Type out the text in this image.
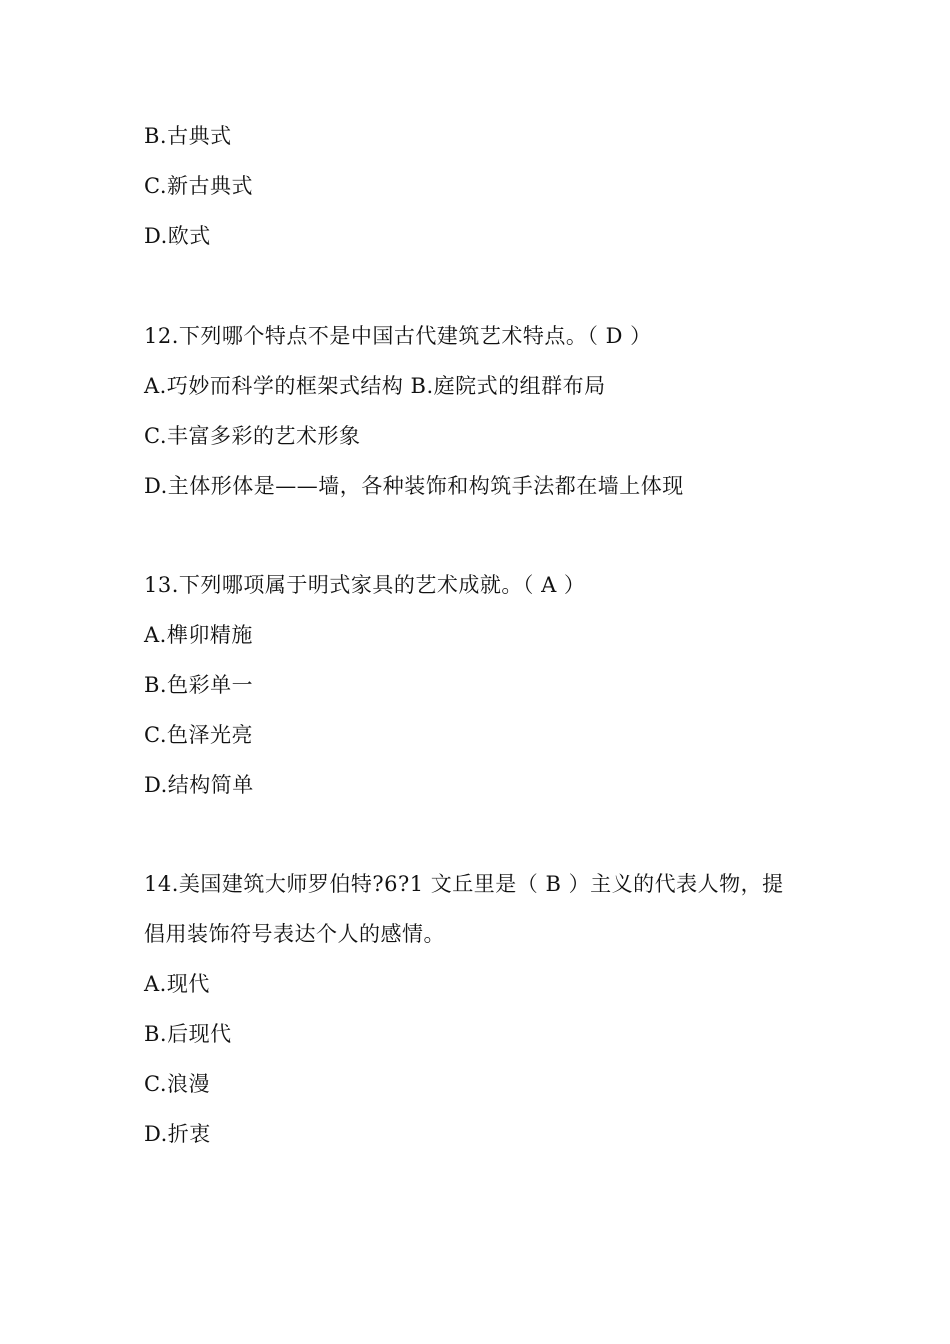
B.古典式
C.新古典式
D.欧式
12.下列哪个特点不是中国古代建筑艺术特点。（ D ）
A.巧妙而科学的框架式结构 B.庭院式的组群布局
C.丰富多彩的艺术形象
D.主体形体是——墙，各种装饰和构筑手法都在墙上体现
13.下列哪项属于明式家具的艺术成就。（ A ）
A.榫卯精施
B.色彩单一
C.色泽光亮
D.结构简单
14.美国建筑大师罗伯特?6?1 文丘里是（ B ）主义的代表人物，提
倡用装饰符号表达个人的感情。
A.现代
B.后现代
C.浪漫
D.折衷
